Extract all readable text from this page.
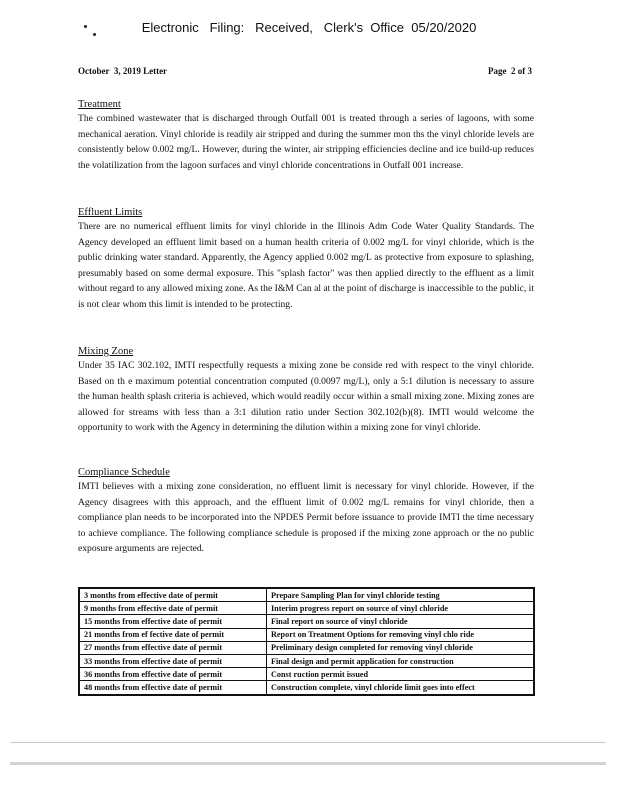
Electronic   Filing:   Received,   Clerk's  Office  05/20/2020
October  3, 2019 Letter	Page  2 of 3

Treatment

The combined wastewater that is discharged through Outfall 001 is treated through a series of lagoons, with some mechanical aeration. Vinyl chloride is readily air stripped and during the summer mon ths the vinyl chloride levels are consistently below 0.002 mg/L. However, during the winter, air stripping efficiencies decline and ice build-up reduces the volatilization from the lagoon surfaces and vinyl chloride concentrations in Outfall 001 increase.

Effluent Limits

There are no numerical effluent limits for vinyl chloride in the Illinois Adm Code Water Quality Standards. The Agency developed an effluent limit based on a human health criteria of 0.002 mg/L for vinyl chloride, which is the public drinking water standard. Apparently, the Agency applied 0.002 mg/L as protective from exposure to splashing, presumably based on some dermal exposure. This "splash factor" was then applied directly to the effluent as a limit without regard to any allowed mixing zone. As the I&M Can al at the point of discharge is inaccessible to the public, it is not clear whom this limit is intended to be protecting.

Mixing Zone

Under 35 IAC 302.102, IMTI respectfully requests a mixing zone be conside red with respect to the vinyl chloride. Based on th e maximum potential concentration computed (0.0097 mg/L), only a 5:1 dilution is necessary to assure the human health splash criteria is achieved, which would readily occur within a small mixing zone. Mixing zones are allowed for streams with less than a 3:1 dilution ratio under Section 302.102(b)(8). IMTI would welcome the opportunity to work with the Agency in determining the dilution within a mixing zone for vinyl chloride.

Compliance Schedule

IMTI believes with a mixing zone consideration, no effluent limit is necessary for vinyl chloride. However, if the Agency disagrees with this approach, and the effluent limit of 0.002 mg/L remains for vinyl chloride, then a compliance plan needs to be incorporated into the NPDES Permit before issuance to provide IMTI the time necessary to achieve compliance. The following compliance schedule is proposed if the mixing zone approach or the no public exposure arguments are rejected.

3 months from effective date of permit	Prepare Sampling Plan for vinyl chloride testing
9 months from effective date of permit	Interim progress report on source of vinyl chloride
15 months from effective date of permit	Final report on source of vinyl chloride
21 months from ef fective date of permit	Report on Treatment Options for removing vinyl chlo ride
27 months from effective date of permit	Preliminary design completed for removing vinyl chloride
33 months from effective date of permit	Final design and permit application for construction
36 months from effective date of permit	Const ruction permit issued
48 months from effective date of permit	Construction complete, vinyl chloride limit goes into effect
